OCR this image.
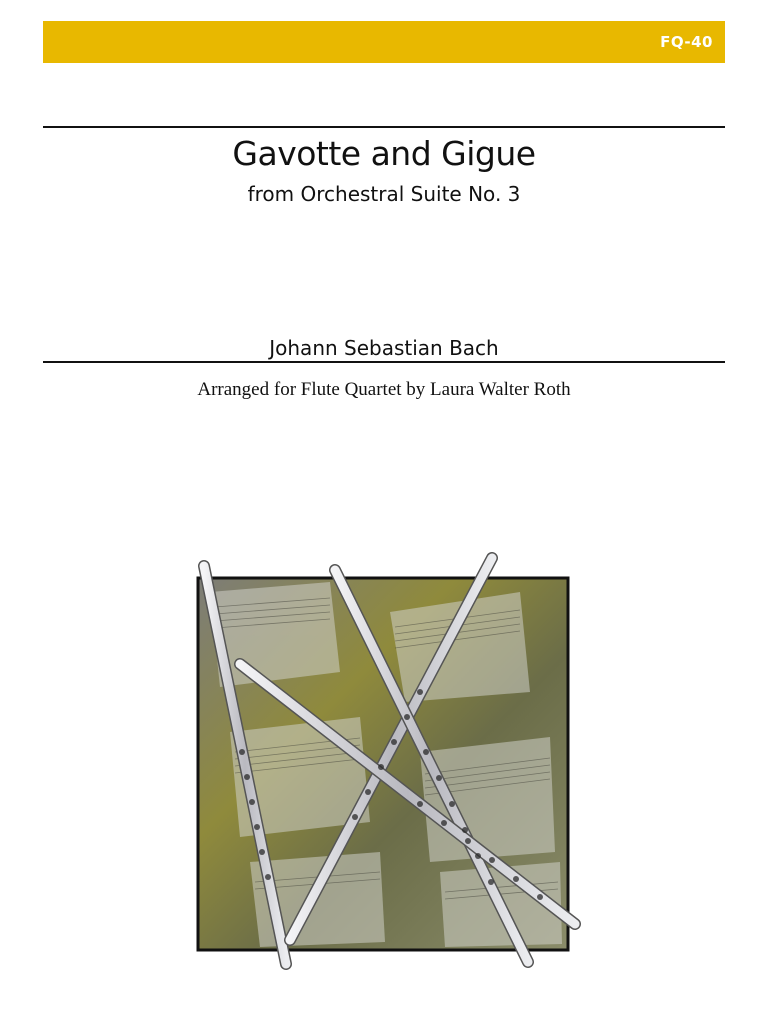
FQ-40
Gavotte and Gigue
from Orchestral Suite No. 3
Johann Sebastian Bach
Arranged for Flute Quartet by Laura Walter Roth
